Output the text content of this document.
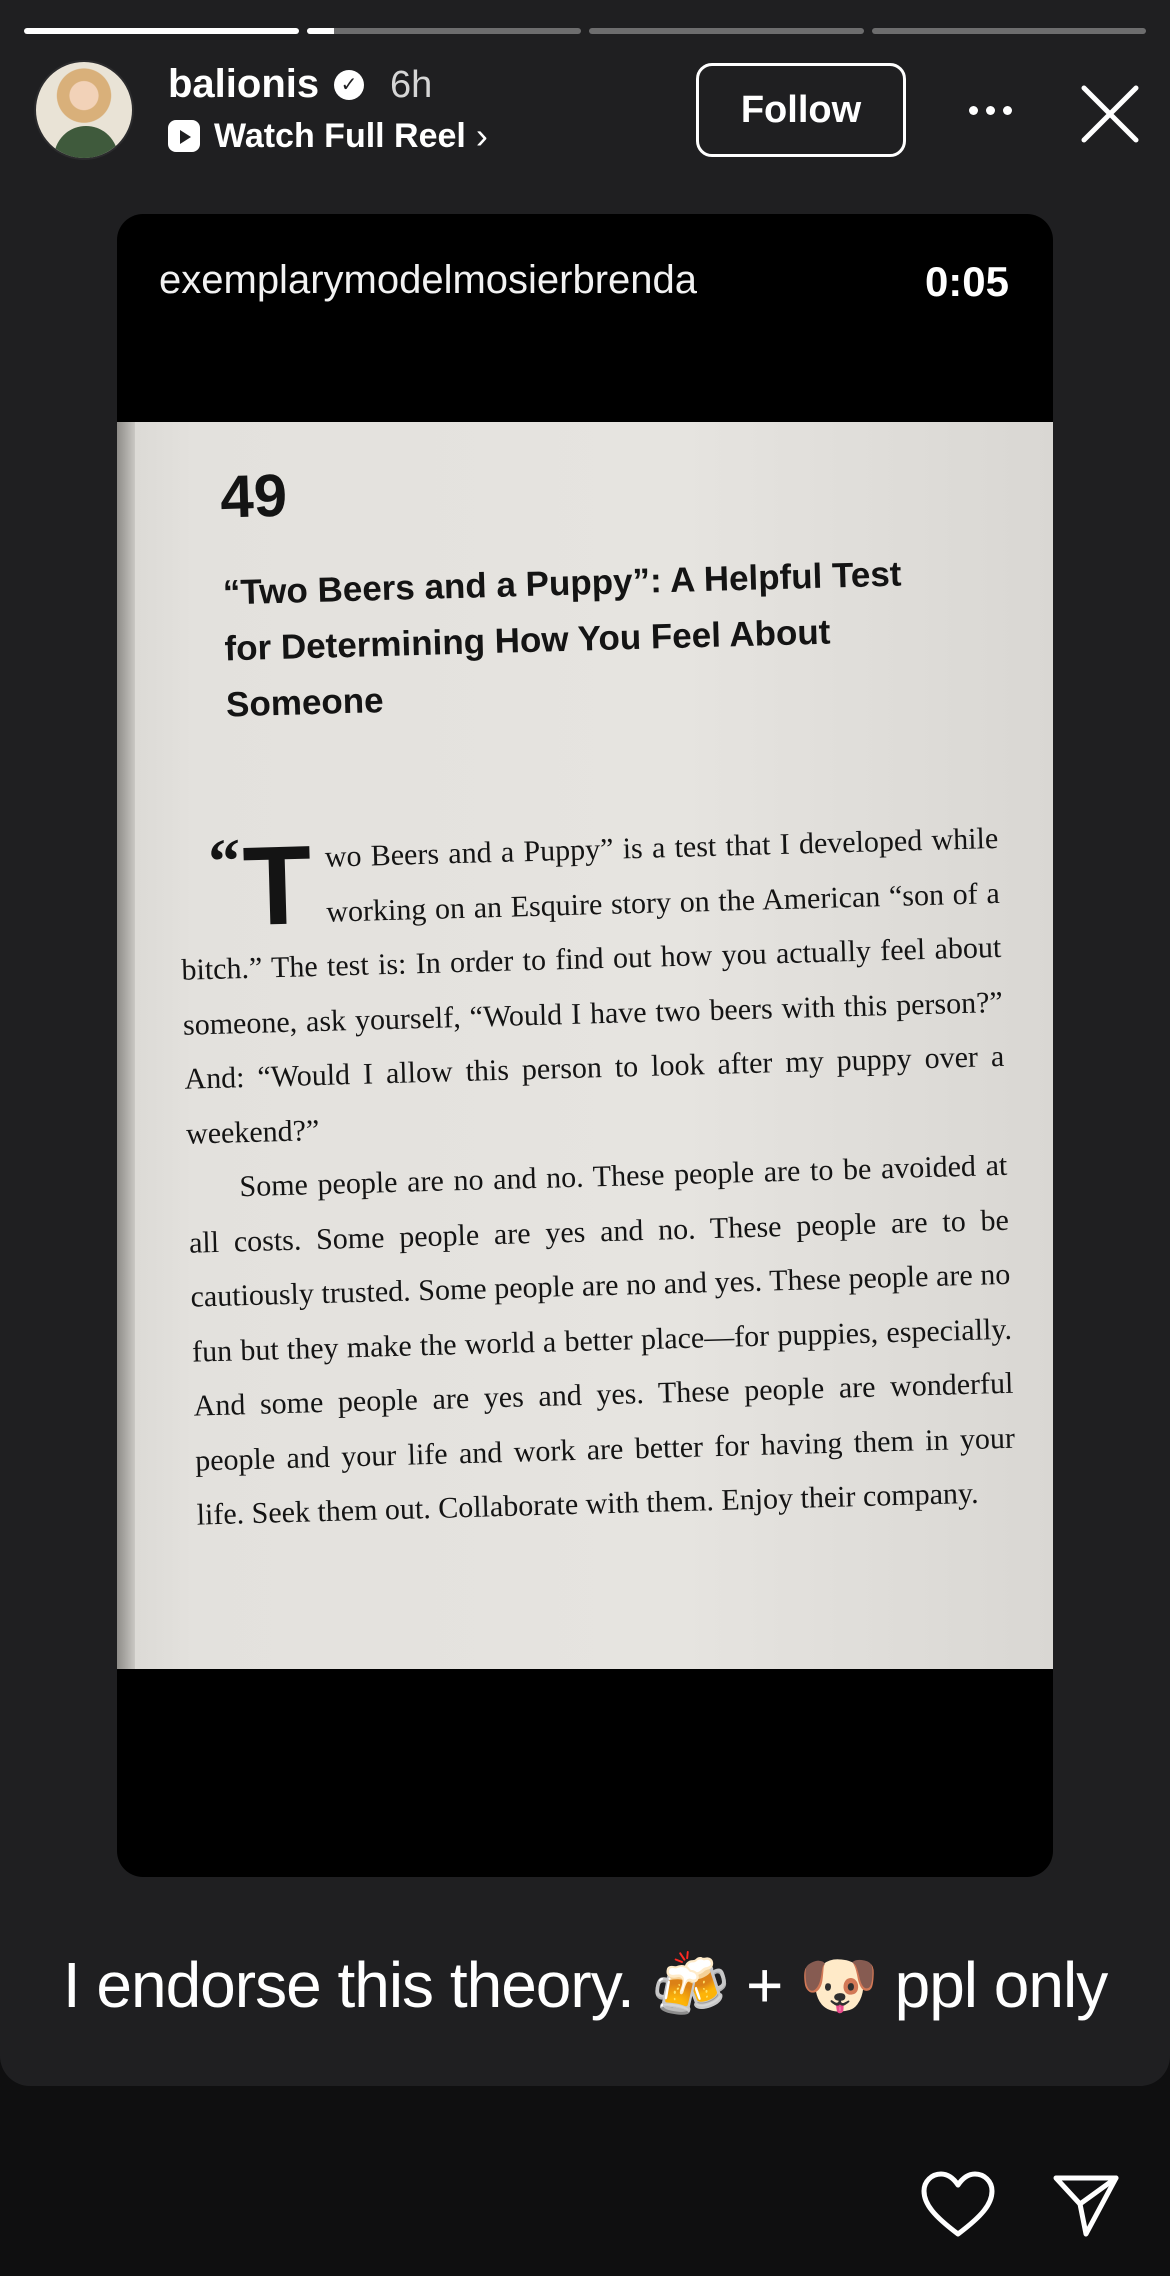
balionis	✓ 6h
Watch Full Reel ›
Follow
exemplarymodelmosierbrenda	0:05
49
“Two Beers and a Puppy”: A Helpful Test for Determining How You Feel About Someone

“T wo Beers and a Puppy” is a test that I developed while working on an Esquire story on the American “son of a bitch.” The test is: In order to find out how you actually feel about someone, ask yourself, “Would I have two beers with this person?” And: “Would I allow this person to look after my puppy over a weekend?”

Some people are no and no. These people are to be avoided at all costs. Some people are yes and no. These people are to be cautiously trusted. Some people are no and yes. These people are no fun but they make the world a better place—for puppies, especially. And some people are yes and yes. These people are wonderful people and your life and work are better for having them in your life. Seek them out. Collaborate with them. Enjoy their company.

I endorse this theory. 🍻 + 🐶 ppl only
